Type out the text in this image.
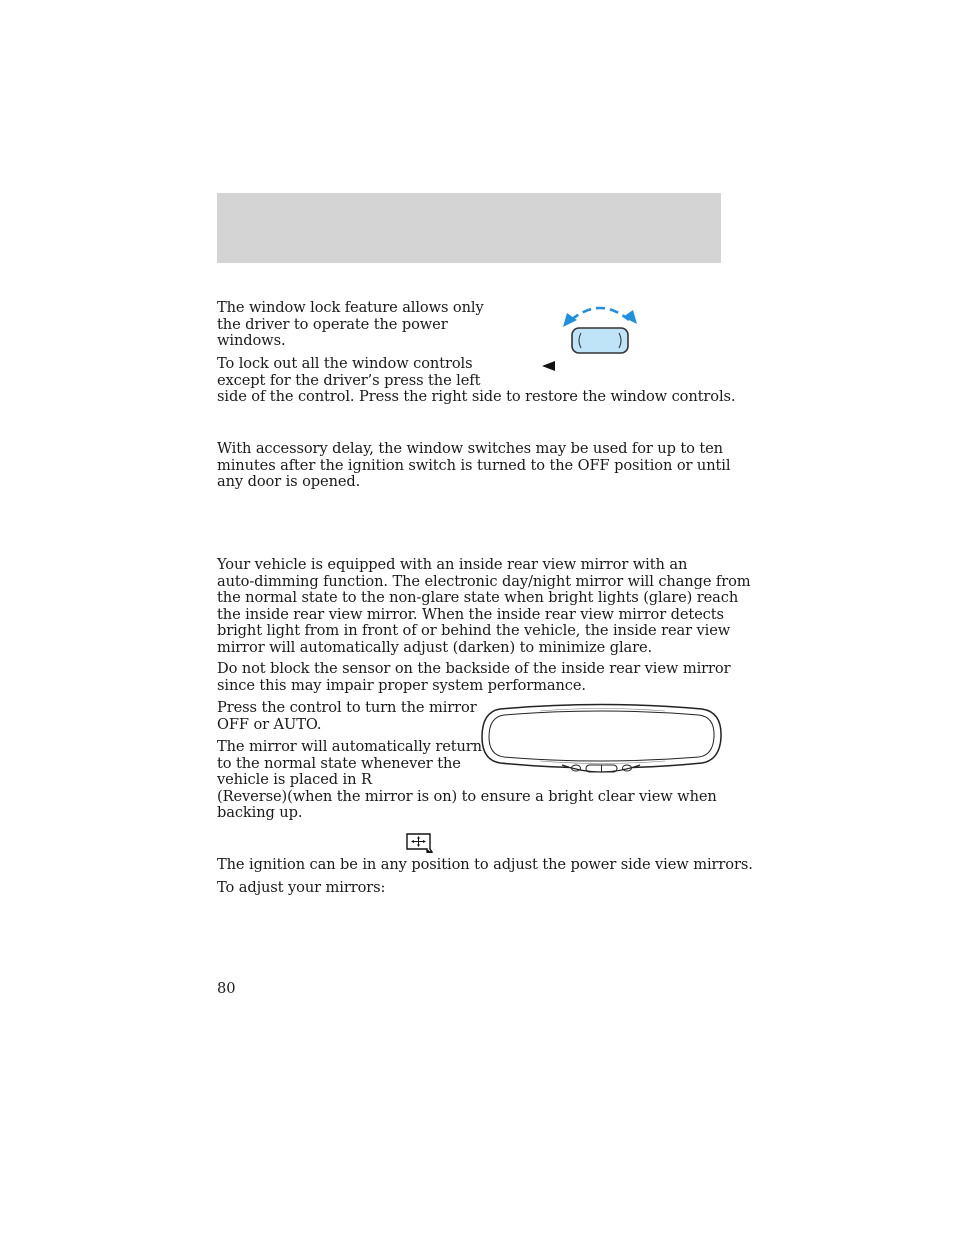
The window lock feature allows only
the driver to operate the power
windows.

To lock out all the window controls
except for the driver’s press the left
side of the control. Press the right side to restore the window controls.

With accessory delay, the window switches may be used for up to ten
minutes after the ignition switch is turned to the OFF position or until
any door is opened.

Your vehicle is equipped with an inside rear view mirror with an
auto-dimming function. The electronic day/night mirror will change from
the normal state to the non-glare state when bright lights (glare) reach
the inside rear view mirror. When the inside rear view mirror detects
bright light from in front of or behind the vehicle, the inside rear view
mirror will automatically adjust (darken) to minimize glare.

Do not block the sensor on the backside of the inside rear view mirror
since this may impair proper system performance.

Press the control to turn the mirror
OFF or AUTO.

The mirror will automatically return
to the normal state whenever the
vehicle is placed in R
(Reverse)(when the mirror is on) to ensure a bright clear view when
backing up.

The ignition can be in any position to adjust the power side view mirrors.

To adjust your mirrors:

80
